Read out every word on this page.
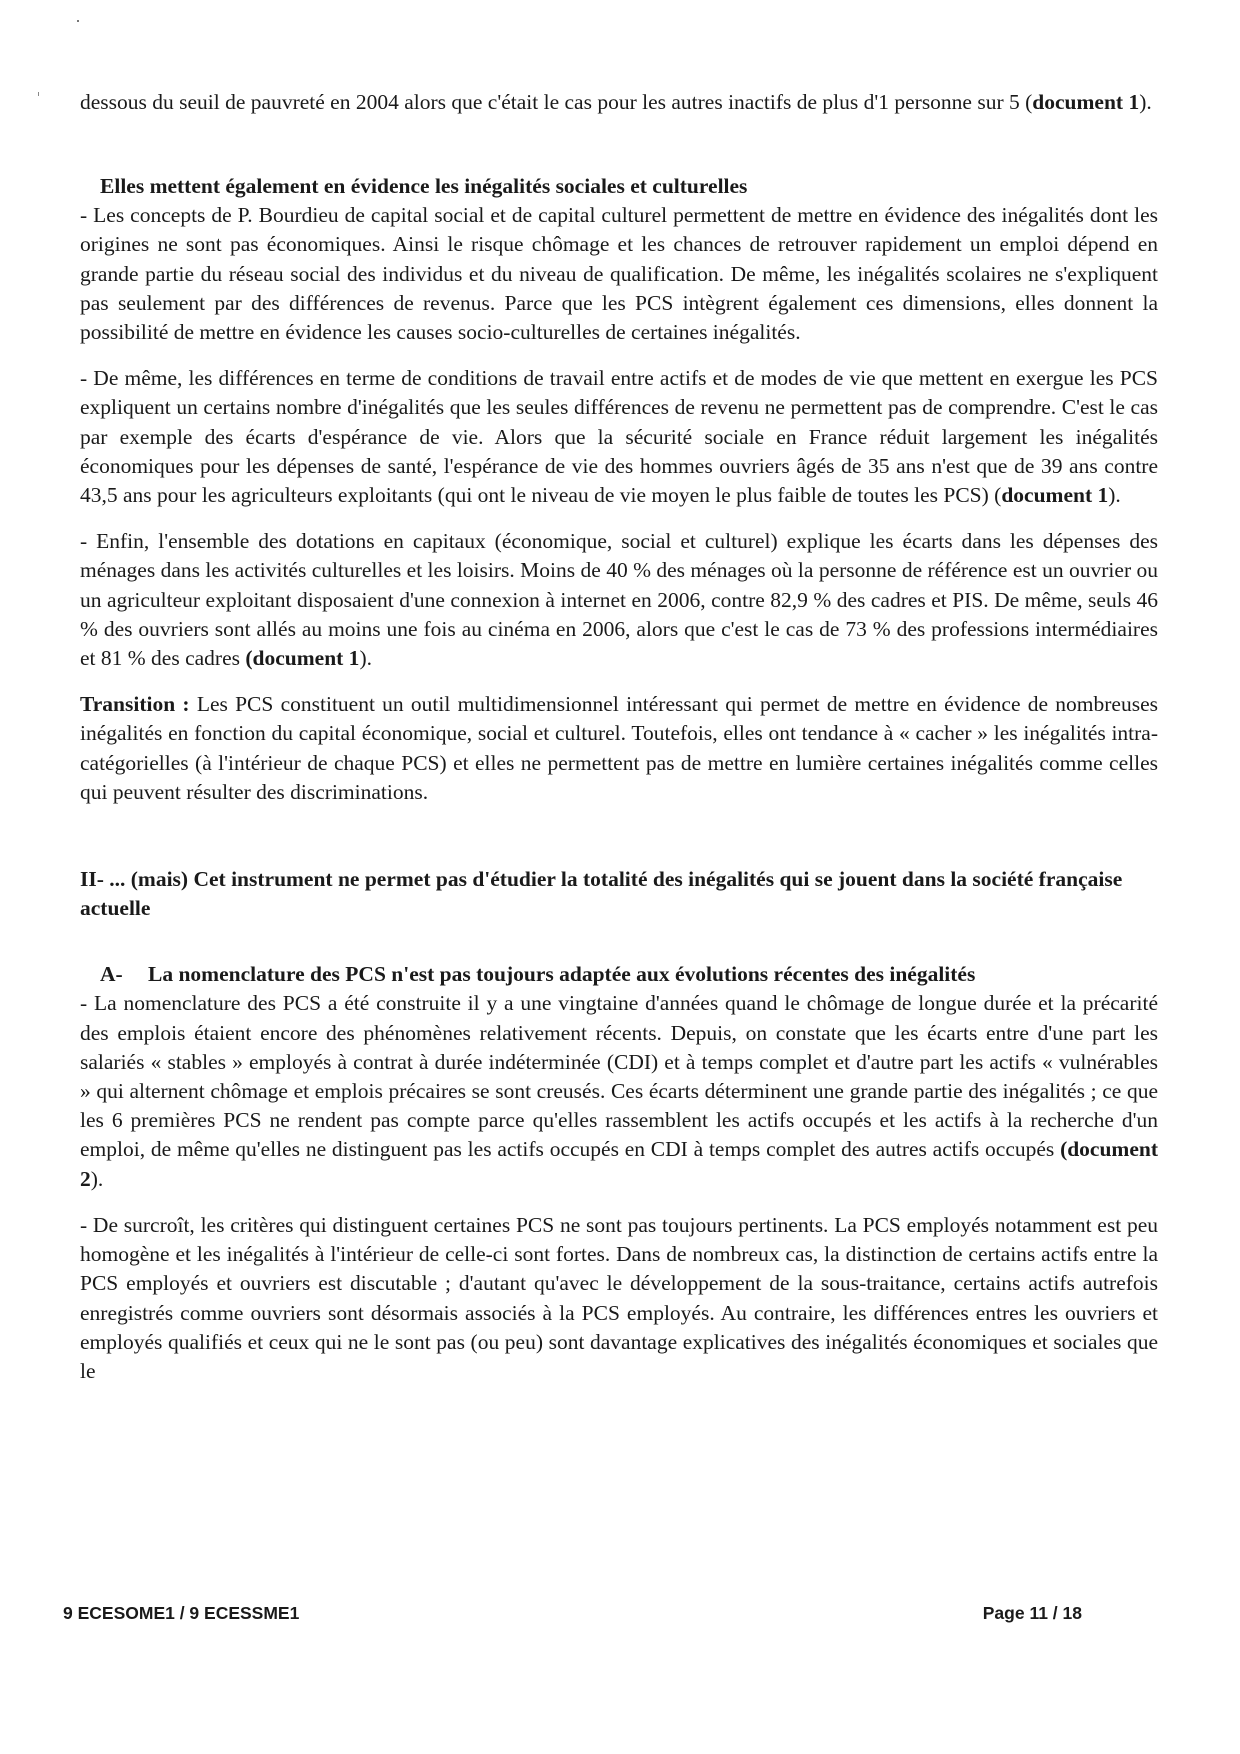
dessous du seuil de pauvreté en 2004 alors que c'était le cas pour les autres inactifs de plus d'1 personne sur 5 (document 1).

Elles mettent également en évidence les inégalités sociales et culturelles

- Les concepts de P. Bourdieu de capital social et de capital culturel permettent de mettre en évidence des inégalités dont les origines ne sont pas économiques. Ainsi le risque chômage et les chances de retrouver rapidement un emploi dépend en grande partie du réseau social des individus et du niveau de qualification. De même, les inégalités scolaires ne s'expliquent pas seulement par des différences de revenus. Parce que les PCS intègrent également ces dimensions, elles donnent la possibilité de mettre en évidence les causes socio-culturelles de certaines inégalités.

- De même, les différences en terme de conditions de travail entre actifs et de modes de vie que mettent en exergue les PCS expliquent un certains nombre d'inégalités que les seules différences de revenu ne permettent pas de comprendre. C'est le cas par exemple des écarts d'espérance de vie. Alors que la sécurité sociale en France réduit largement les inégalités économiques pour les dépenses de santé, l'espérance de vie des hommes ouvriers âgés de 35 ans n'est que de 39 ans contre 43,5 ans pour les agriculteurs exploitants (qui ont le niveau de vie moyen le plus faible de toutes les PCS) (document 1).

- Enfin, l'ensemble des dotations en capitaux (économique, social et culturel) explique les écarts dans les dépenses des ménages dans les activités culturelles et les loisirs. Moins de 40 % des ménages où la personne de référence est un ouvrier ou un agriculteur exploitant disposaient d'une connexion à internet en 2006, contre 82,9 % des cadres et PIS. De même, seuls 46 % des ouvriers sont allés au moins une fois au cinéma en 2006, alors que c'est le cas de 73 % des professions intermédiaires et 81 % des cadres (document 1).

Transition : Les PCS constituent un outil multidimensionnel intéressant qui permet de mettre en évidence de nombreuses inégalités en fonction du capital économique, social et culturel. Toutefois, elles ont tendance à « cacher » les inégalités intra-catégorielles (à l'intérieur de chaque PCS) et elles ne permettent pas de mettre en lumière certaines inégalités comme celles qui peuvent résulter des discriminations.

II- ... (mais) Cet instrument ne permet pas d'étudier la totalité des inégalités qui se jouent dans la société française actuelle
A-	La nomenclature des PCS n'est pas toujours adaptée aux évolutions récentes des inégalités

- La nomenclature des PCS a été construite il y a une vingtaine d'années quand le chômage de longue durée et la précarité des emplois étaient encore des phénomènes relativement récents. Depuis, on constate que les écarts entre d'une part les salariés « stables » employés à contrat à durée indéterminée (CDI) et à temps complet et d'autre part les actifs « vulnérables » qui alternent chômage et emplois précaires se sont creusés. Ces écarts déterminent une grande partie des inégalités ; ce que les 6 premières PCS ne rendent pas compte parce qu'elles rassemblent les actifs occupés et les actifs à la recherche d'un emploi, de même qu'elles ne distinguent pas les actifs occupés en CDI à temps complet des autres actifs occupés (document 2).

- De surcroît, les critères qui distinguent certaines PCS ne sont pas toujours pertinents. La PCS employés notamment est peu homogène et les inégalités à l'intérieur de celle-ci sont fortes. Dans de nombreux cas, la distinction de certains actifs entre la PCS employés et ouvriers est discutable ; d'autant qu'avec le développement de la sous-traitance, certains actifs autrefois enregistrés comme ouvriers sont désormais associés à la PCS employés. Au contraire, les différences entres les ouvriers et employés qualifiés et ceux qui ne le sont pas (ou peu) sont davantage explicatives des inégalités économiques et sociales que le

9 ECESOME1 / 9 ECESSME1	Page 11 / 18
